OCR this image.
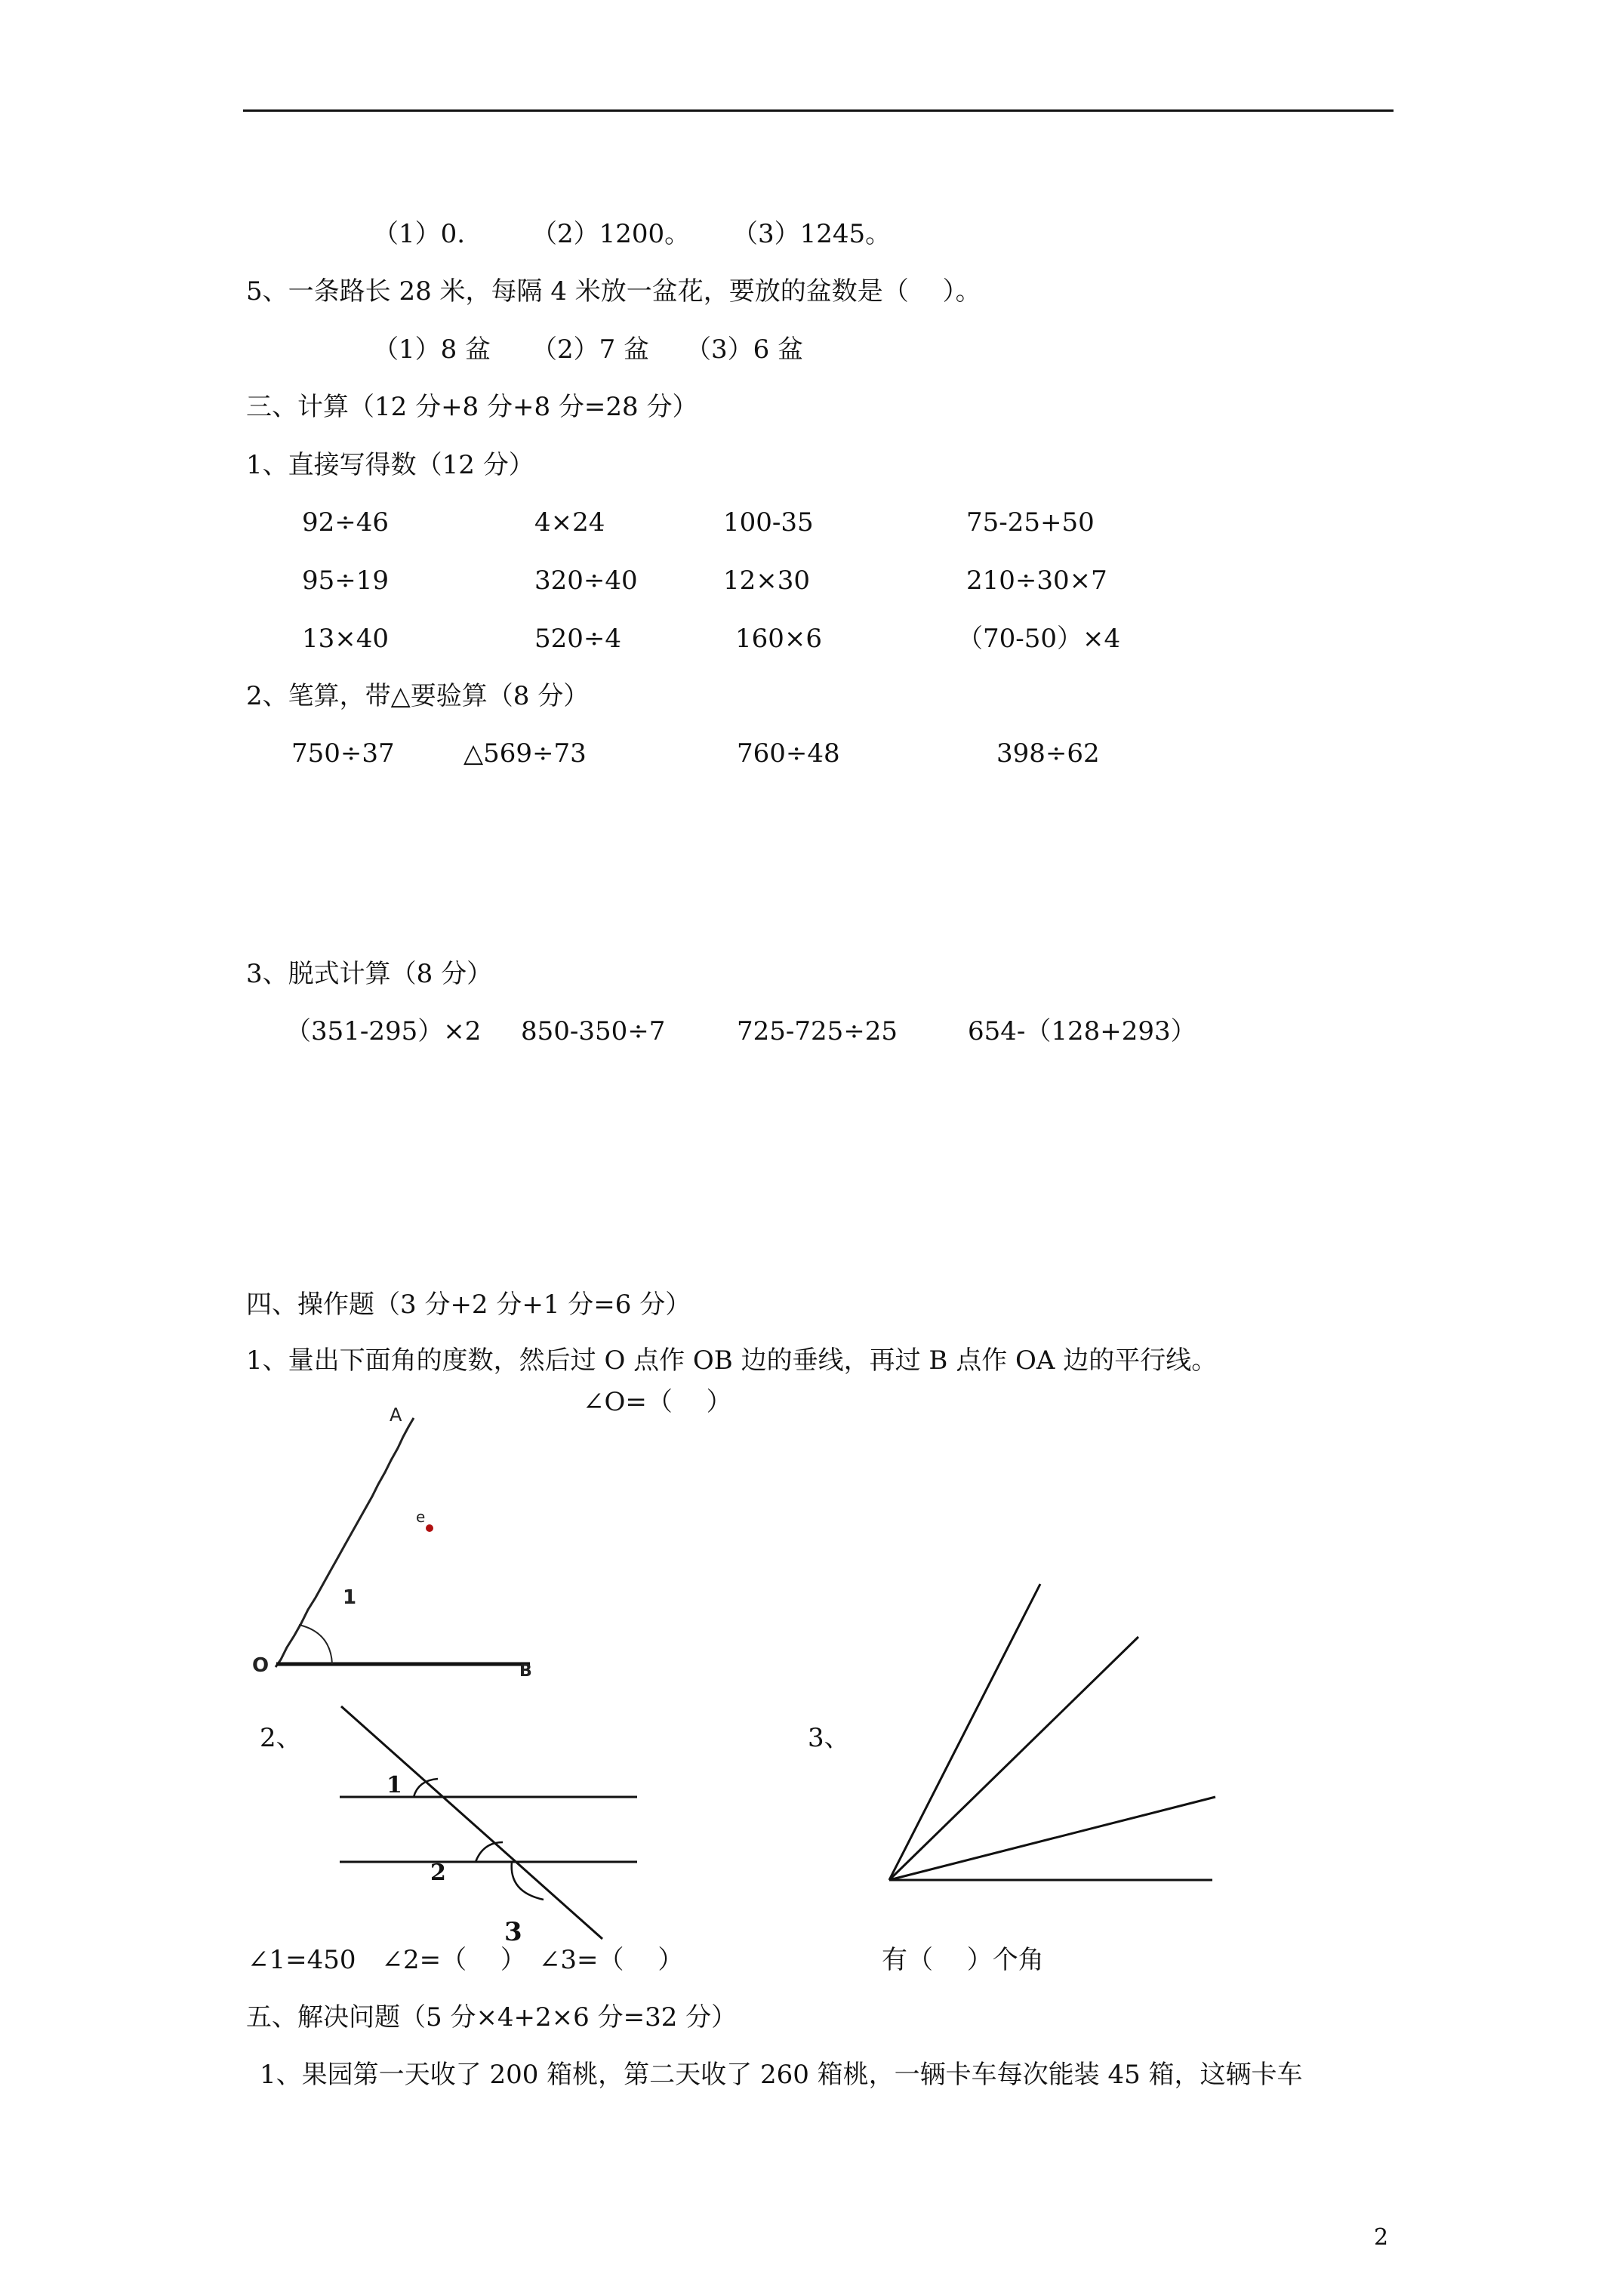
（1）0.	（2）1200。 （3）1245。
5、一条路长 28 米，每隔 4 米放一盆花，要放的盆数是（　 ）。
（1）8 盆 （2）7 盆 （3）6 盆
三、计算（12 分+8 分+8 分=28 分）
1、直接写得数（12 分）
92÷46	4×24	100-35	75-25+50
95÷19	320÷40	12×30	210÷30×7
13×40	520÷4	160×6	（70-50）×4
2、笔算，带△要验算（8 分）
750÷37	△569÷73	760÷48	398÷62
3、脱式计算（8 分）
（351-295）×2 850-350÷7	725-725÷25	654-（128+293）
四、操作题（3 分+2 分+1 分=6 分）
1、量出下面角的度数，然后过 O 点作 OB 边的垂线，再过 B 点作 OA 边的平行线。
∠O=（　 ）
A
O	B
1
e
2、
1
2
3
∠1=450　∠2=（　 ）　∠3=（　 ）
3、
有（　 ）个角
五、解决问题（5 分×4+2×6 分=32 分）
1、果园第一天收了 200 箱桃，第二天收了 260 箱桃，一辆卡车每次能装 45 箱，这辆卡车
2
